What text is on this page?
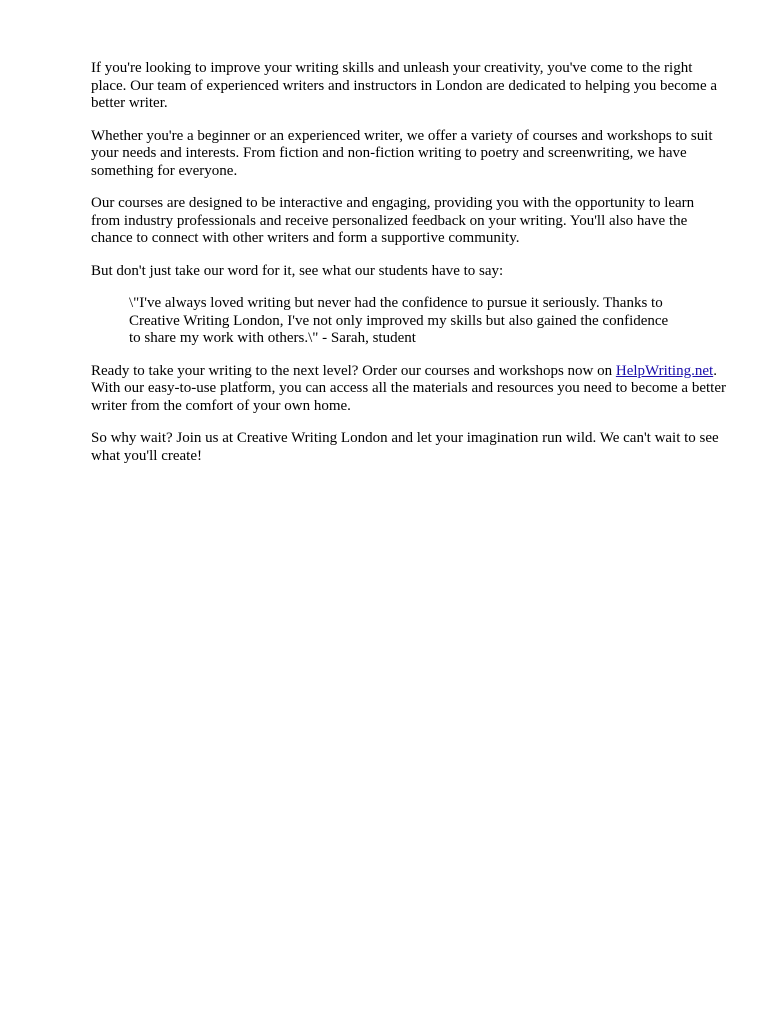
If you're looking to improve your writing skills and unleash your creativity, you've come to the right place. Our team of experienced writers and instructors in London are dedicated to helping you become a better writer.

Whether you're a beginner or an experienced writer, we offer a variety of courses and workshops to suit your needs and interests. From fiction and non-fiction writing to poetry and screenwriting, we have something for everyone.

Our courses are designed to be interactive and engaging, providing you with the opportunity to learn from industry professionals and receive personalized feedback on your writing. You'll also have the chance to connect with other writers and form a supportive community.

But don't just take our word for it, see what our students have to say:

\"I've always loved writing but never had the confidence to pursue it seriously. Thanks to Creative Writing London, I've not only improved my skills but also gained the confidence to share my work with others.\" - Sarah, student

Ready to take your writing to the next level? Order our courses and workshops now on HelpWriting.net. With our easy-to-use platform, you can access all the materials and resources you need to become a better writer from the comfort of your own home.

So why wait? Join us at Creative Writing London and let your imagination run wild. We can't wait to see what you'll create!
